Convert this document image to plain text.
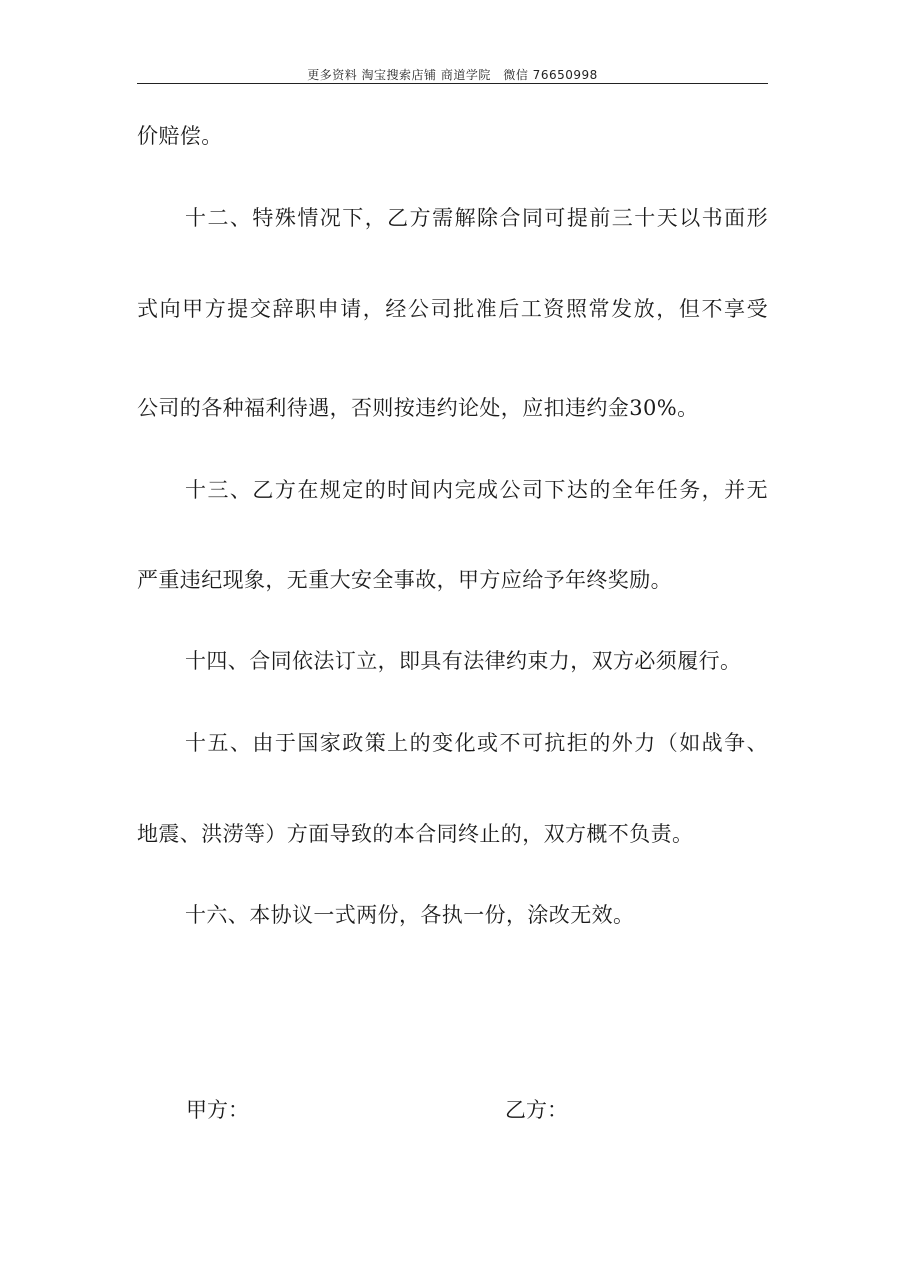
更多资料 淘宝搜索店铺 商道学院　微信 76650998
价赔偿。
十二、特殊情况下，乙方需解除合同可提前三十天以书面形
式向甲方提交辞职申请，经公司批准后工资照常发放，但不享受
公司的各种福利待遇，否则按违约论处，应扣违约金30%。
十三、乙方在规定的时间内完成公司下达的全年任务，并无
严重违纪现象，无重大安全事故，甲方应给予年终奖励。
十四、合同依法订立，即具有法律约束力，双方必须履行。
十五、由于国家政策上的变化或不可抗拒的外力（如战争、
地震、洪涝等）方面导致的本合同终止的，双方概不负责。
十六、本协议一式两份，各执一份，涂改无效。
甲方：	乙方：
